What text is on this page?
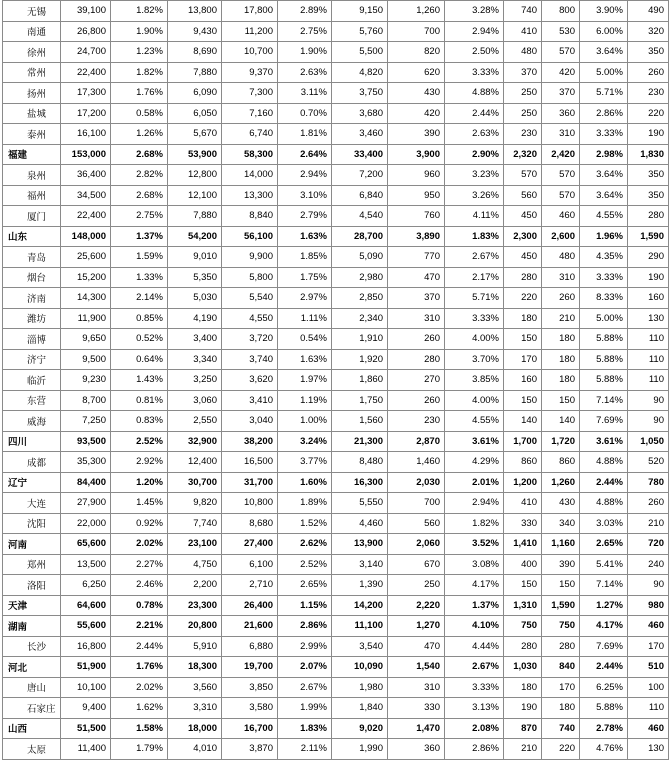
无锡	39,100	1.82%	13,800	17,800	2.89%	9,150	1,260	3.28%	740	800	3.90%	490
南通	26,800	1.90%	9,430	11,200	2.75%	5,760	700	2.94%	410	530	6.00%	320
徐州	24,700	1.23%	8,690	10,700	1.90%	5,500	820	2.50%	480	570	3.64%	350
常州	22,400	1.82%	7,880	9,370	2.63%	4,820	620	3.33%	370	420	5.00%	260
扬州	17,300	1.76%	6,090	7,300	3.11%	3,750	430	4.88%	250	370	5.71%	230
盐城	17,200	0.58%	6,050	7,160	0.70%	3,680	420	2.44%	250	360	2.86%	220
泰州	16,100	1.26%	5,670	6,740	1.81%	3,460	390	2.63%	230	310	3.33%	190
福建	153,000	2.68%	53,900	58,300	2.64%	33,400	3,900	2.90%	2,320	2,420	2.98%	1,830
泉州	36,400	2.82%	12,800	14,000	2.94%	7,200	960	3.23%	570	570	3.64%	350
福州	34,500	2.68%	12,100	13,300	3.10%	6,840	950	3.26%	560	570	3.64%	350
厦门	22,400	2.75%	7,880	8,840	2.79%	4,540	760	4.11%	450	460	4.55%	280
山东	148,000	1.37%	54,200	56,100	1.63%	28,700	3,890	1.83%	2,300	2,600	1.96%	1,590
青岛	25,600	1.59%	9,010	9,900	1.85%	5,090	770	2.67%	450	480	4.35%	290
烟台	15,200	1.33%	5,350	5,800	1.75%	2,980	470	2.17%	280	310	3.33%	190
济南	14,300	2.14%	5,030	5,540	2.97%	2,850	370	5.71%	220	260	8.33%	160
潍坊	11,900	0.85%	4,190	4,550	1.11%	2,340	310	3.33%	180	210	5.00%	130
淄博	9,650	0.52%	3,400	3,720	0.54%	1,910	260	4.00%	150	180	5.88%	110
济宁	9,500	0.64%	3,340	3,740	1.63%	1,920	280	3.70%	170	180	5.88%	110
临沂	9,230	1.43%	3,250	3,620	1.97%	1,860	270	3.85%	160	180	5.88%	110
东营	8,700	0.81%	3,060	3,410	1.19%	1,750	260	4.00%	150	150	7.14%	90
威海	7,250	0.83%	2,550	3,040	1.00%	1,560	230	4.55%	140	140	7.69%	90
四川	93,500	2.52%	32,900	38,200	3.24%	21,300	2,870	3.61%	1,700	1,720	3.61%	1,050
成都	35,300	2.92%	12,400	16,500	3.77%	8,480	1,460	4.29%	860	860	4.88%	520
辽宁	84,400	1.20%	30,700	31,700	1.60%	16,300	2,030	2.01%	1,200	1,260	2.44%	780
大连	27,900	1.45%	9,820	10,800	1.89%	5,550	700	2.94%	410	430	4.88%	260
沈阳	22,000	0.92%	7,740	8,680	1.52%	4,460	560	1.82%	330	340	3.03%	210
河南	65,600	2.02%	23,100	27,400	2.62%	13,900	2,060	3.52%	1,410	1,160	2.65%	720
郑州	13,500	2.27%	4,750	6,100	2.52%	3,140	670	3.08%	400	390	5.41%	240
洛阳	6,250	2.46%	2,200	2,710	2.65%	1,390	250	4.17%	150	150	7.14%	90
天津	64,600	0.78%	23,300	26,400	1.15%	14,200	2,220	1.37%	1,310	1,590	1.27%	980
湖南	55,600	2.21%	20,800	21,600	2.86%	11,100	1,270	4.10%	750	750	4.17%	460
长沙	16,800	2.44%	5,910	6,880	2.99%	3,540	470	4.44%	280	280	7.69%	170
河北	51,900	1.76%	18,300	19,700	2.07%	10,090	1,540	2.67%	1,030	840	2.44%	510
唐山	10,100	2.02%	3,560	3,850	2.67%	1,980	310	3.33%	180	170	6.25%	100
石家庄	9,400	1.62%	3,310	3,580	1.99%	1,840	330	3.13%	190	180	5.88%	110
山西	51,500	1.58%	18,000	16,700	1.83%	9,020	1,470	2.08%	870	740	2.78%	460
太原	11,400	1.79%	4,010	3,870	2.11%	1,990	360	2.86%	210	220	4.76%	130
